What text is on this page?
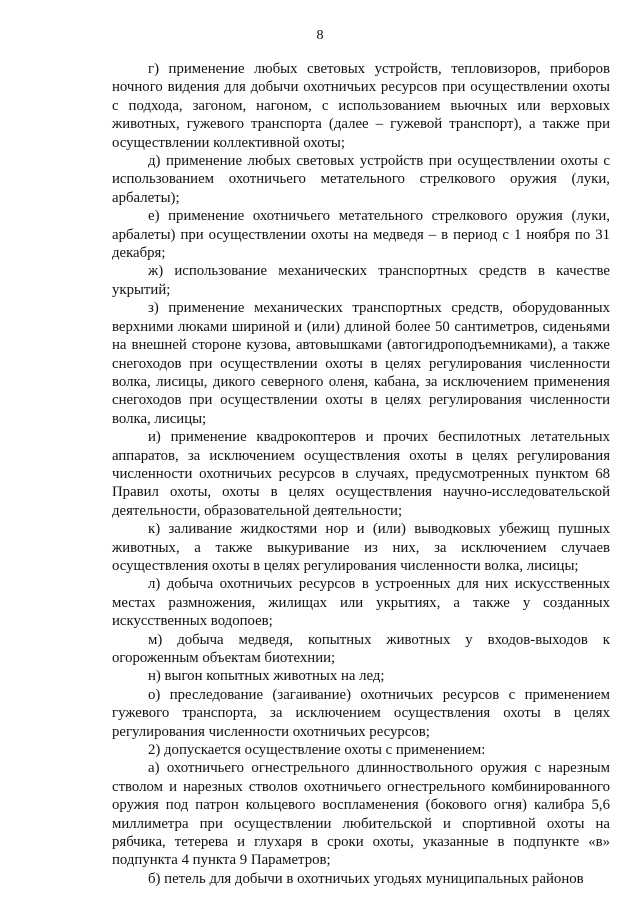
8

г) применение любых световых устройств, тепловизоров, приборов ночного видения для добычи охотничьих ресурсов при осуществлении охоты с подхода, загоном, нагоном, с использованием вьючных или верховых животных, гужевого транспорта (далее – гужевой транспорт), а также при осуществлении коллективной охоты;

д) применение любых световых устройств при осуществлении охоты с использованием охотничьего метательного стрелкового оружия (луки, арбалеты);

е) применение охотничьего метательного стрелкового оружия (луки, арбалеты) при осуществлении охоты на медведя – в период с 1 ноября по 31 декабря;

ж) использование механических транспортных средств в качестве укрытий;

з) применение механических транспортных средств, оборудованных верхними люками шириной и (или) длиной более 50 сантиметров, сиденьями на внешней стороне кузова, автовышками (автогидроподъемниками), а также снегоходов при осуществлении охоты в целях регулирования численности волка, лисицы, дикого северного оленя, кабана, за исключением применения снегоходов при осуществлении охоты в целях регулирования численности волка, лисицы;

и) применение квадрокоптеров и прочих беспилотных летательных аппаратов, за исключением осуществления охоты в целях регулирования численности охотничьих ресурсов в случаях, предусмотренных пунктом 68 Правил охоты, охоты в целях осуществления научно-исследовательской деятельности, образовательной деятельности;

к) заливание жидкостями нор и (или) выводковых убежищ пушных животных, а также выкуривание из них, за исключением случаев осуществления охоты в целях регулирования численности волка, лисицы;

л) добыча охотничьих ресурсов в устроенных для них искусственных местах размножения, жилищах или укрытиях, а также у созданных искусственных водопоев;

м) добыча медведя, копытных животных у входов-выходов к огороженным объектам биотехнии;

н) выгон копытных животных на лед;

о) преследование (загаивание) охотничьих ресурсов с применением гужевого транспорта, за исключением осуществления охоты в целях регулирования численности охотничьих ресурсов;

2) допускается осуществление охоты с применением:

а) охотничьего огнестрельного длинноствольного оружия с нарезным стволом и нарезных стволов охотничьего огнестрельного комбинированного оружия под патрон кольцевого воспламенения (бокового огня) калибра 5,6 миллиметра при осуществлении любительской и спортивной охоты на рябчика, тетерева и глухаря в сроки охоты, указанные в подпункте «в» подпункта 4 пункта 9 Параметров;

б) петель для добычи в охотничьих угодьях муниципальных районов
